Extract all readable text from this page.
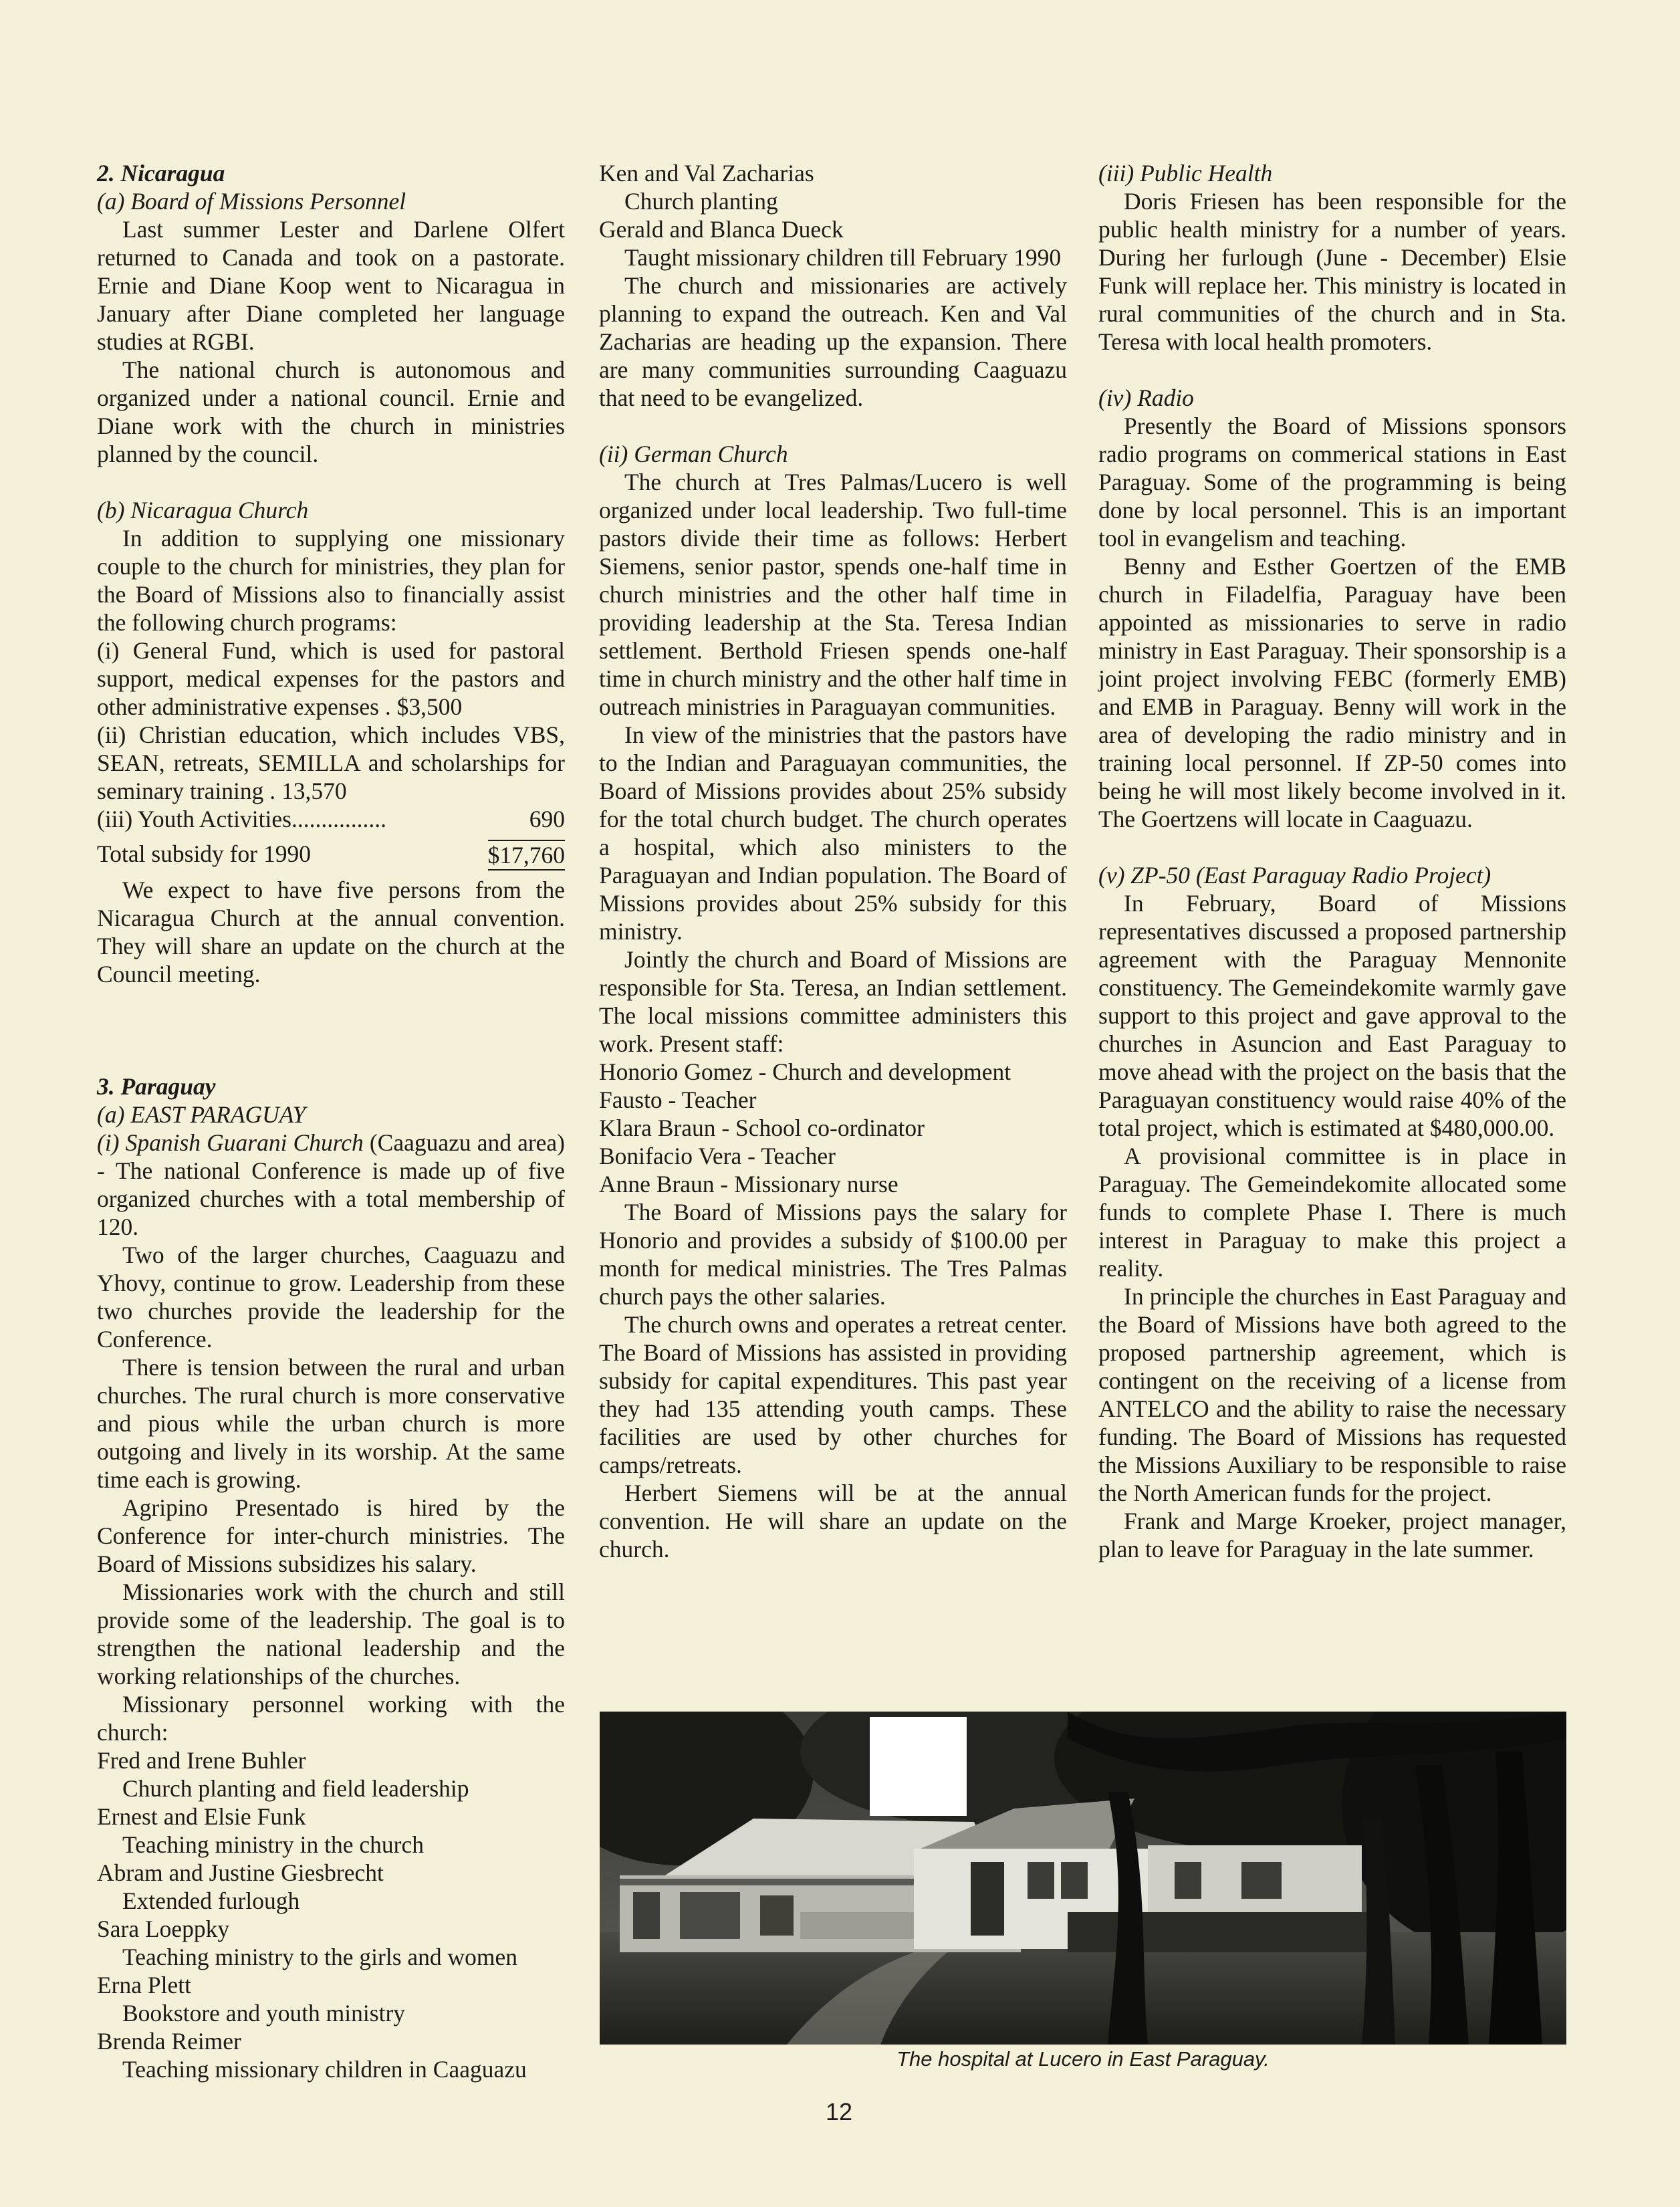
2. Nicaragua
(a) Board of Missions Personnel

Last summer Lester and Darlene Olfert returned to Canada and took on a pastorate. Ernie and Diane Koop went to Nicaragua in January after Diane completed her language studies at RGBI.

The national church is autonomous and organized under a national council. Ernie and Diane work with the church in ministries planned by the council.

(b) Nicaragua Church

In addition to supplying one missionary couple to the church for ministries, they plan for the Board of Missions also to financially assist the following church programs:

(i) General Fund, which is used for pastoral support, medical expenses for the pastors and other administrative expenses . $3,500

(ii) Christian education, which includes VBS, SEAN, retreats, SEMILLA and scholarships for seminary training . 13,570

(iii) Youth Activities ................	690
Total subsidy for 1990	$17,760

We expect to have five persons from the Nicaragua Church at the annual convention. They will share an update on the church at the Council meeting.

3. Paraguay
(a) EAST PARAGUAY

(i) Spanish Guarani Church (Caaguazu and area) - The national Conference is made up of five organized churches with a total membership of 120.

Two of the larger churches, Caaguazu and Yhovy, continue to grow. Leadership from these two churches provide the leadership for the Conference.

There is tension between the rural and urban churches. The rural church is more conservative and pious while the urban church is more outgoing and lively in its worship. At the same time each is growing.

Agripino Presentado is hired by the Conference for inter-church ministries. The Board of Missions subsidizes his salary.

Missionaries work with the church and still provide some of the leadership. The goal is to strengthen the national leadership and the working relationships of the churches.

Missionary personnel working with the church:

Fred and Irene Buhler
Church planting and field leadership
Ernest and Elsie Funk
Teaching ministry in the church
Abram and Justine Giesbrecht
Extended furlough
Sara Loeppky
Teaching ministry to the girls and women
Erna Plett
Bookstore and youth ministry
Brenda Reimer
Teaching missionary children in Caaguazu
Ken and Val Zacharias
Church planting
Gerald and Blanca Dueck
Taught missionary children till February 1990

The church and missionaries are actively planning to expand the outreach. Ken and Val Zacharias are heading up the expansion. There are many communities surrounding Caaguazu that need to be evangelized.

(ii) German Church

The church at Tres Palmas/Lucero is well organized under local leadership. Two full-time pastors divide their time as follows: Herbert Siemens, senior pastor, spends one-half time in church ministries and the other half time in providing leadership at the Sta. Teresa Indian settlement. Berthold Friesen spends one-half time in church ministry and the other half time in outreach ministries in Paraguayan communities.

In view of the ministries that the pastors have to the Indian and Paraguayan communities, the Board of Missions provides about 25% subsidy for the total church budget. The church operates a hospital, which also ministers to the Paraguayan and Indian population. The Board of Missions provides about 25% subsidy for this ministry.

Jointly the church and Board of Missions are responsible for Sta. Teresa, an Indian settlement. The local missions committee administers this work. Present staff:

Honorio Gomez - Church and development
Fausto - Teacher
Klara Braun - School co-ordinator
Bonifacio Vera - Teacher
Anne Braun - Missionary nurse

The Board of Missions pays the salary for Honorio and provides a subsidy of $100.00 per month for medical ministries. The Tres Palmas church pays the other salaries.

The church owns and operates a retreat center. The Board of Missions has assisted in providing subsidy for capital expenditures. This past year they had 135 attending youth camps. These facilities are used by other churches for camps/retreats.

Herbert Siemens will be at the annual convention. He will share an update on the church.

(iii) Public Health

Doris Friesen has been responsible for the public health ministry for a number of years. During her furlough (June - December) Elsie Funk will replace her. This ministry is located in rural communities of the church and in Sta. Teresa with local health promoters.

(iv) Radio

Presently the Board of Missions sponsors radio programs on commerical stations in East Paraguay. Some of the programming is being done by local personnel. This is an important tool in evangelism and teaching.

Benny and Esther Goertzen of the EMB church in Filadelfia, Paraguay have been appointed as missionaries to serve in radio ministry in East Paraguay. Their sponsorship is a joint project involving FEBC (formerly EMB) and EMB in Paraguay. Benny will work in the area of developing the radio ministry and in training local personnel. If ZP-50 comes into being he will most likely become involved in it. The Goertzens will locate in Caaguazu.

(v) ZP-50 (East Paraguay Radio Project)

In February, Board of Missions representatives discussed a proposed partnership agreement with the Paraguay Mennonite constituency. The Gemeindekomite warmly gave support to this project and gave approval to the churches in Asuncion and East Paraguay to move ahead with the project on the basis that the Paraguayan constituency would raise 40% of the total project, which is estimated at $480,000.00.

A provisional committee is in place in Paraguay. The Gemeindekomite allocated some funds to complete Phase I. There is much interest in Paraguay to make this project a reality.

In principle the churches in East Paraguay and the Board of Missions have both agreed to the proposed partnership agreement, which is contingent on the receiving of a license from ANTELCO and the ability to raise the necessary funding. The Board of Missions has requested the Missions Auxiliary to be responsible to raise the North American funds for the project.

Frank and Marge Kroeker, project manager, plan to leave for Paraguay in the late summer.

The hospital at Lucero in East Paraguay.
12
